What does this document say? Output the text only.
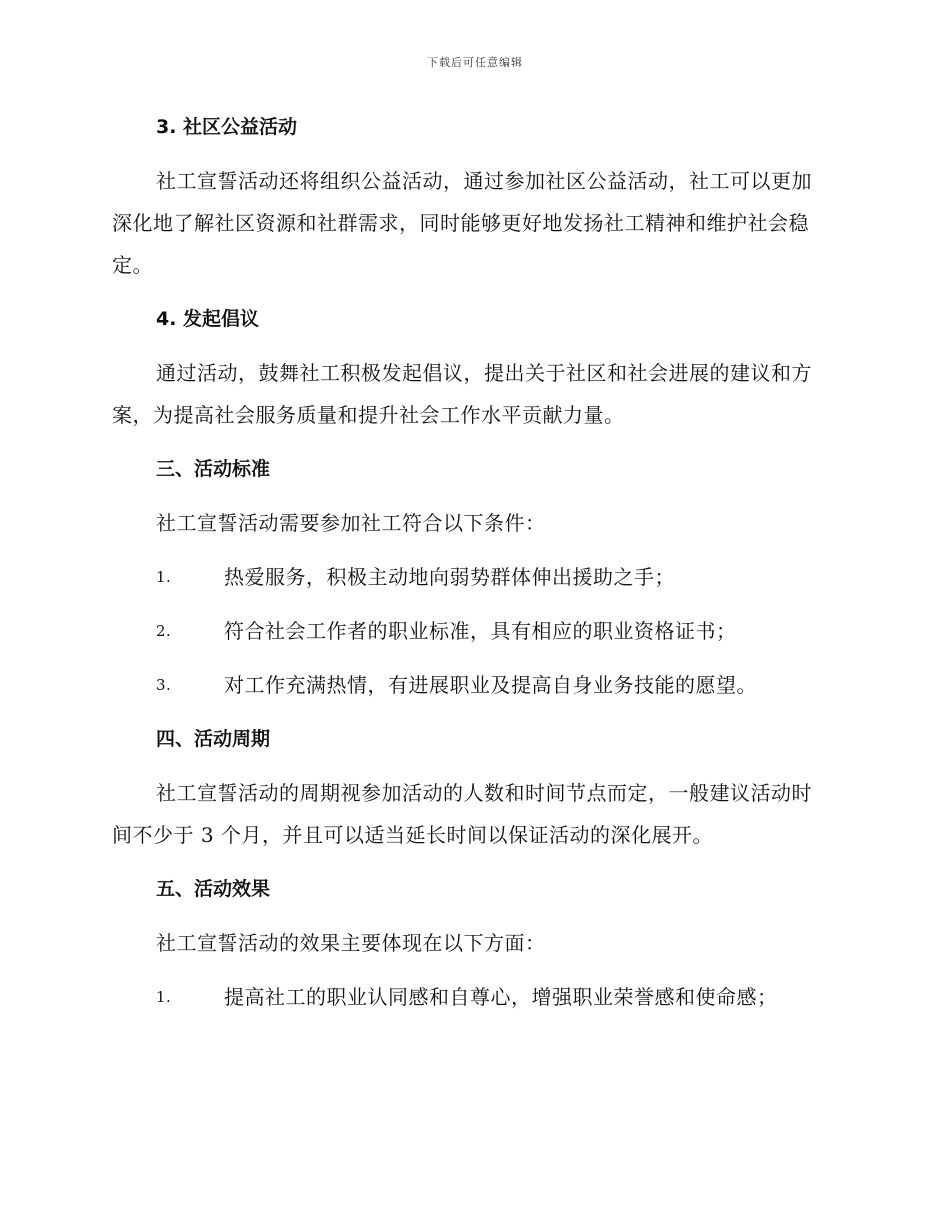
下载后可任意编辑
3. 社区公益活动

社工宣誓活动还将组织公益活动，通过参加社区公益活动，社工可以更加深化地了解社区资源和社群需求，同时能够更好地发扬社工精神和维护社会稳定。

4. 发起倡议

通过活动，鼓舞社工积极发起倡议，提出关于社区和社会进展的建议和方案，为提高社会服务质量和提升社会工作水平贡献力量。

三、活动标准

社工宣誓活动需要参加社工符合以下条件：

1.	热爱服务，积极主动地向弱势群体伸出援助之手；
2.	符合社会工作者的职业标准，具有相应的职业资格证书；
3.	对工作充满热情，有进展职业及提高自身业务技能的愿望。
四、活动周期

社工宣誓活动的周期视参加活动的人数和时间节点而定，一般建议活动时间不少于 3 个月，并且可以适当延长时间以保证活动的深化展开。

五、活动效果

社工宣誓活动的效果主要体现在以下方面：

1.	提高社工的职业认同感和自尊心，增强职业荣誉感和使命感；
